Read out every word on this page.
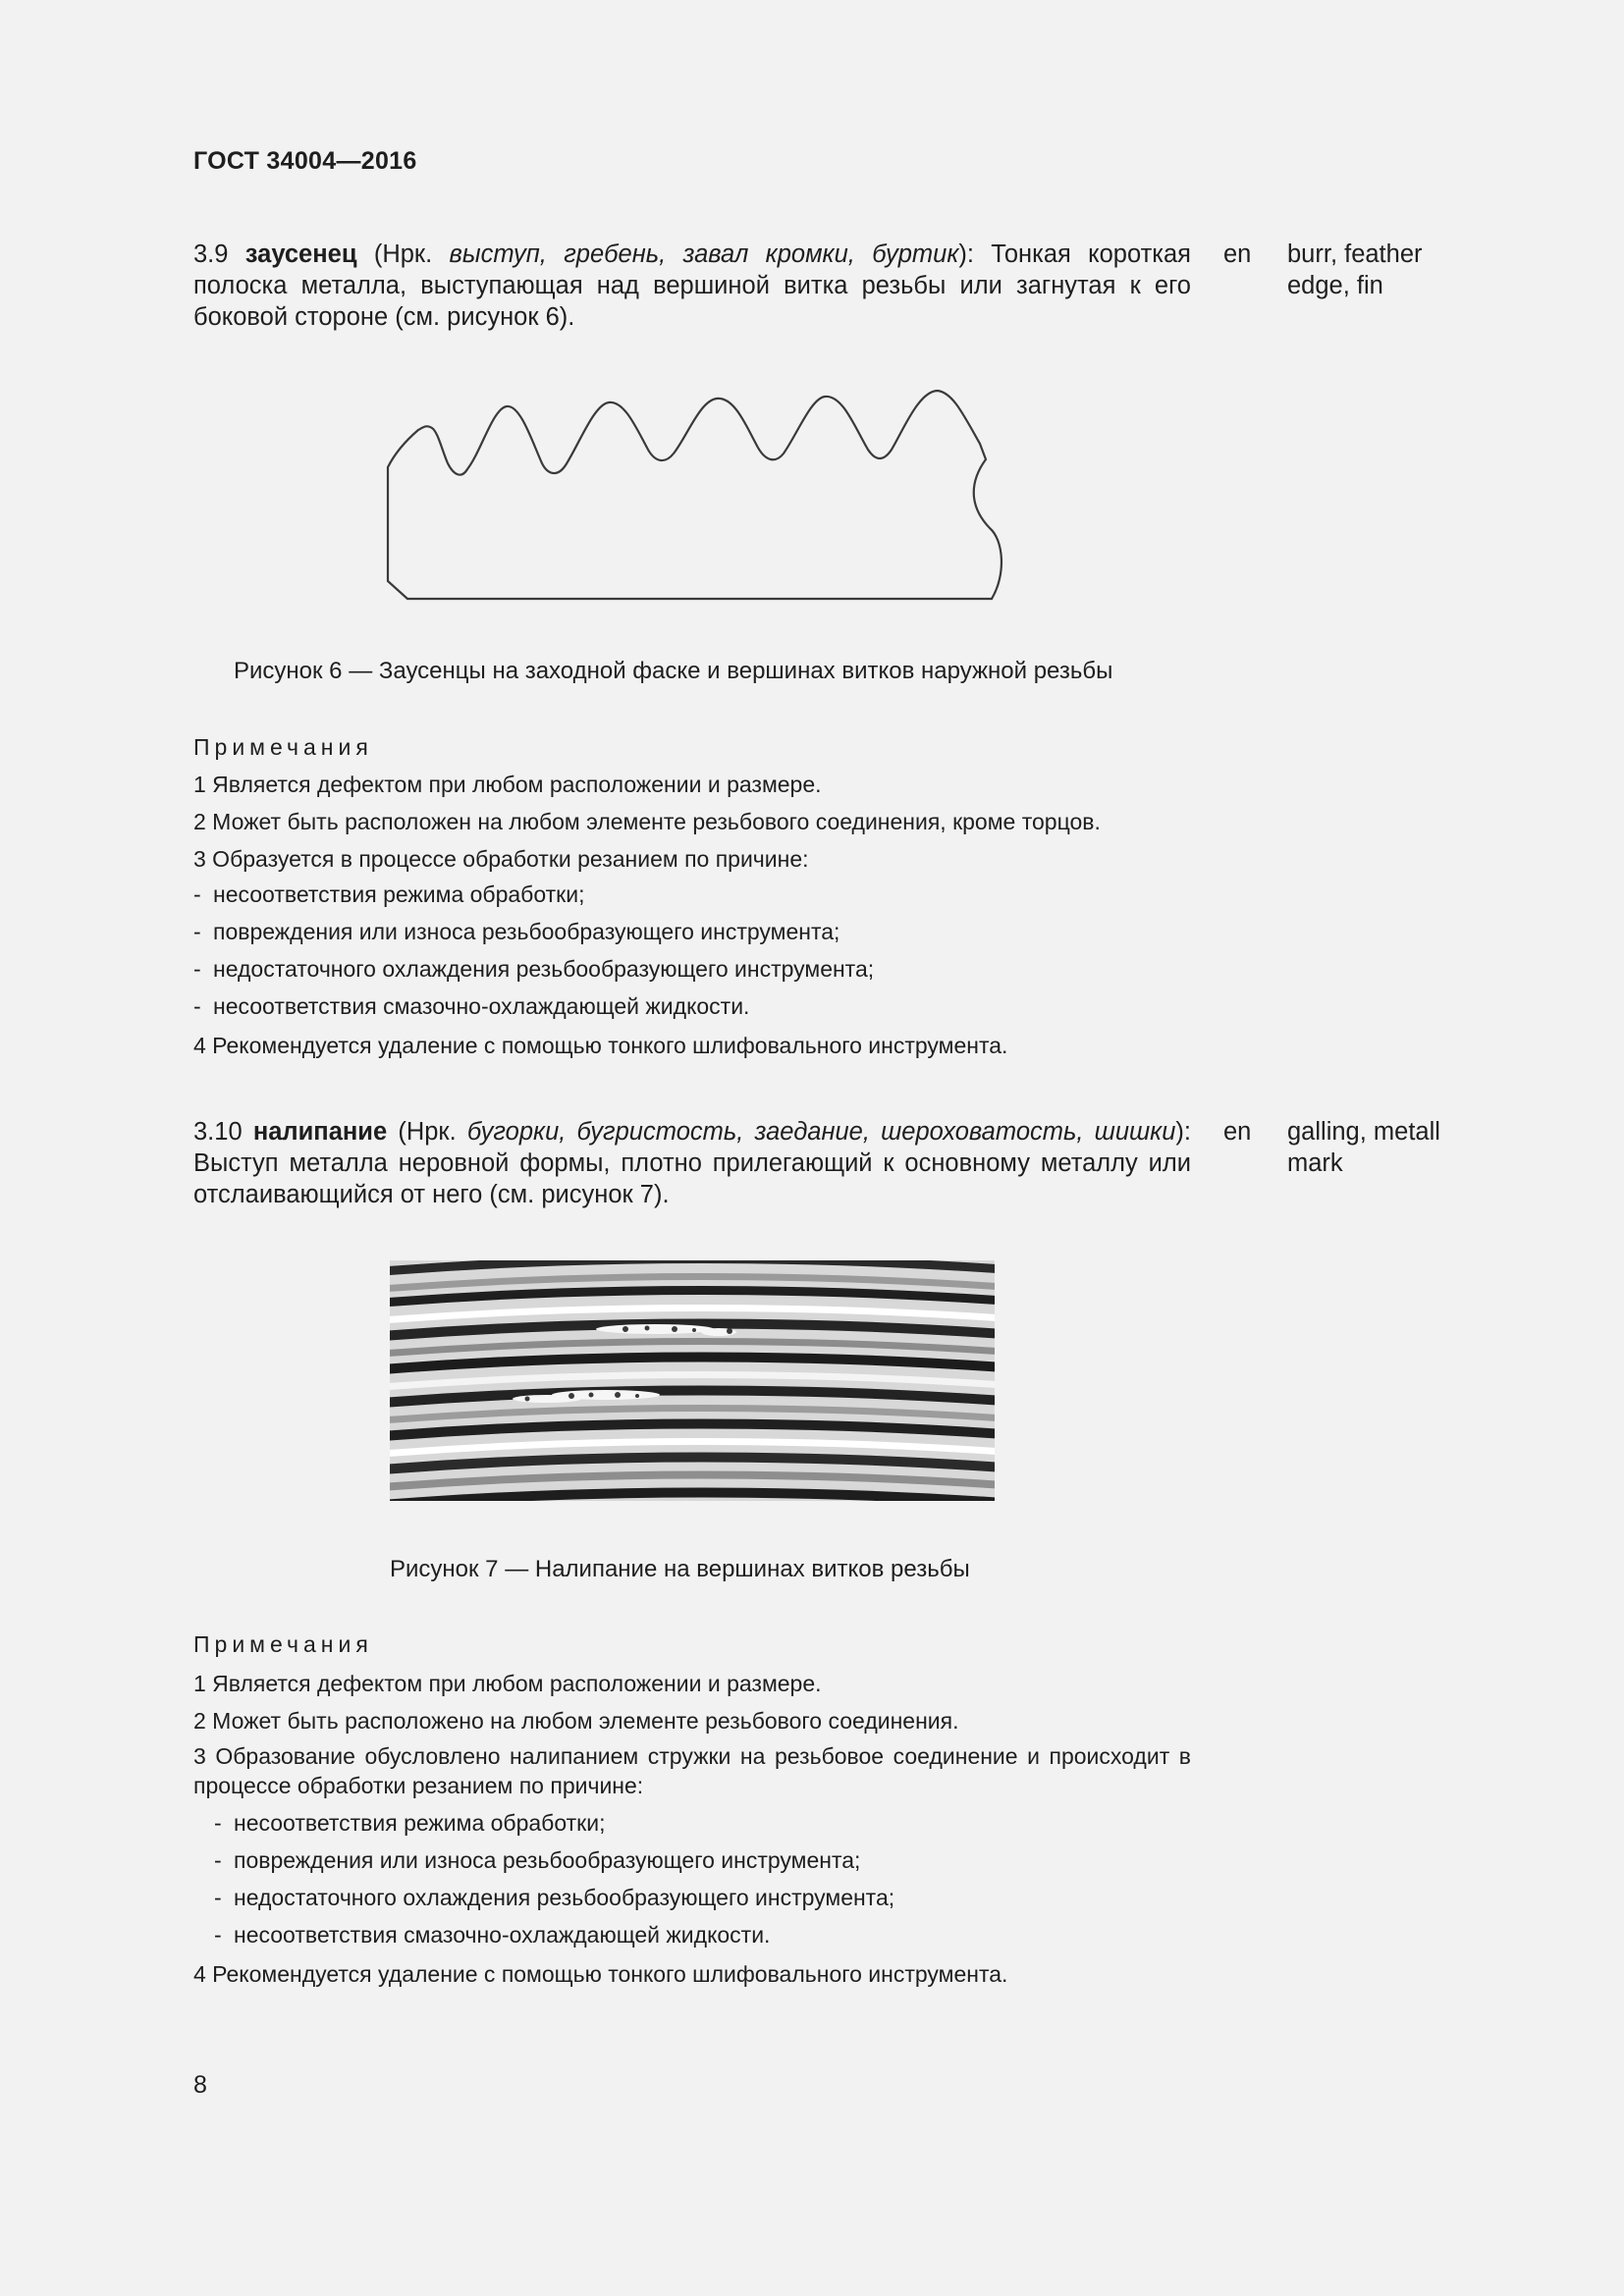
ГОСТ 34004—2016
3.9 заусенец (Нрк. выступ, гребень, завал кромки, буртик): Тонкая короткая полоска металла, выступающая над вершиной витка резьбы или загнутая к его боковой стороне (см. рисунок 6).
en burr, feather edge, fin
Рисунок 6 — Заусенцы на заходной фаске и вершинах витков наружной резьбы
Примечания
1 Является дефектом при любом расположении и размере.
2 Может быть расположен на любом элементе резьбового соединения, кроме торцов.
3 Образуется в процессе обработки резанием по причине:
- несоответствия режима обработки;
- повреждения или износа резьбообразующего инструмента;
- недостаточного охлаждения резьбообразующего инструмента;
- несоответствия смазочно-охлаждающей жидкости.
4 Рекомендуется удаление с помощью тонкого шлифовального инструмента.
3.10 налипание (Нрк. бугорки, бугристость, заедание, шероховатость, шишки): Выступ металла неровной формы, плотно прилегающий к основному металлу или отслаивающийся от него (см. рисунок 7).
en galling, metall mark
Рисунок 7 — Налипание на вершинах витков резьбы
Примечания
1 Является дефектом при любом расположении и размере.
2 Может быть расположено на любом элементе резьбового соединения.
3 Образование обусловлено налипанием стружки на резьбовое соединение и происходит в процессе обработки резанием по причине:
- несоответствия режима обработки;
- повреждения или износа резьбообразующего инструмента;
- недостаточного охлаждения резьбообразующего инструмента;
- несоответствия смазочно-охлаждающей жидкости.
4 Рекомендуется удаление с помощью тонкого шлифовального инструмента.
8
